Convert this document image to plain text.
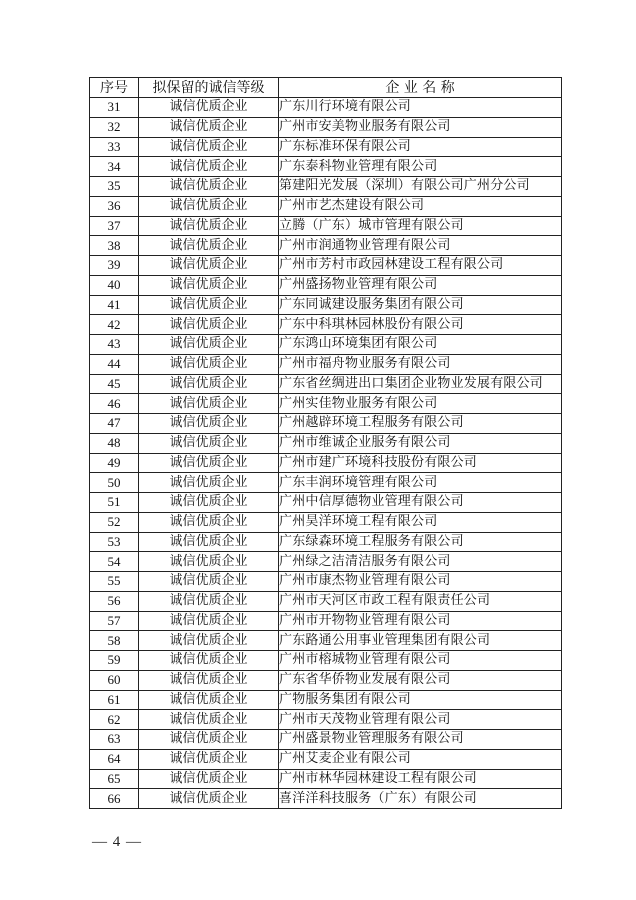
序号	拟保留的诚信等级	企 业 名 称
31	诚信优质企业	广东川行环境有限公司
32	诚信优质企业	广州市安美物业服务有限公司
33	诚信优质企业	广东标准环保有限公司
34	诚信优质企业	广东泰科物业管理有限公司
35	诚信优质企业	第建阳光发展（深圳）有限公司广州分公司
36	诚信优质企业	广州市艺杰建设有限公司
37	诚信优质企业	立腾（广东）城市管理有限公司
38	诚信优质企业	广州市润通物业管理有限公司
39	诚信优质企业	广州市芳村市政园林建设工程有限公司
40	诚信优质企业	广州盛扬物业管理有限公司
41	诚信优质企业	广东同诚建设服务集团有限公司
42	诚信优质企业	广东中科琪林园林股份有限公司
43	诚信优质企业	广东鸿山环境集团有限公司
44	诚信优质企业	广州市福舟物业服务有限公司
45	诚信优质企业	广东省丝绸进出口集团企业物业发展有限公司
46	诚信优质企业	广州实佳物业服务有限公司
47	诚信优质企业	广州越辟环境工程服务有限公司
48	诚信优质企业	广州市维诚企业服务有限公司
49	诚信优质企业	广州市建广环境科技股份有限公司
50	诚信优质企业	广东丰润环境管理有限公司
51	诚信优质企业	广州中信厚德物业管理有限公司
52	诚信优质企业	广州昊洋环境工程有限公司
53	诚信优质企业	广东绿森环境工程服务有限公司
54	诚信优质企业	广州绿之洁清洁服务有限公司
55	诚信优质企业	广州市康杰物业管理有限公司
56	诚信优质企业	广州市天河区市政工程有限责任公司
57	诚信优质企业	广州市开物物业管理有限公司
58	诚信优质企业	广东路通公用事业管理集团有限公司
59	诚信优质企业	广州市榕城物业管理有限公司
60	诚信优质企业	广东省华侨物业发展有限公司
61	诚信优质企业	广物服务集团有限公司
62	诚信优质企业	广州市天茂物业管理有限公司
63	诚信优质企业	广州盛景物业管理服务有限公司
64	诚信优质企业	广州艾麦企业有限公司
65	诚信优质企业	广州市林华园林建设工程有限公司
66	诚信优质企业	喜洋洋科技服务（广东）有限公司
— 4 —
